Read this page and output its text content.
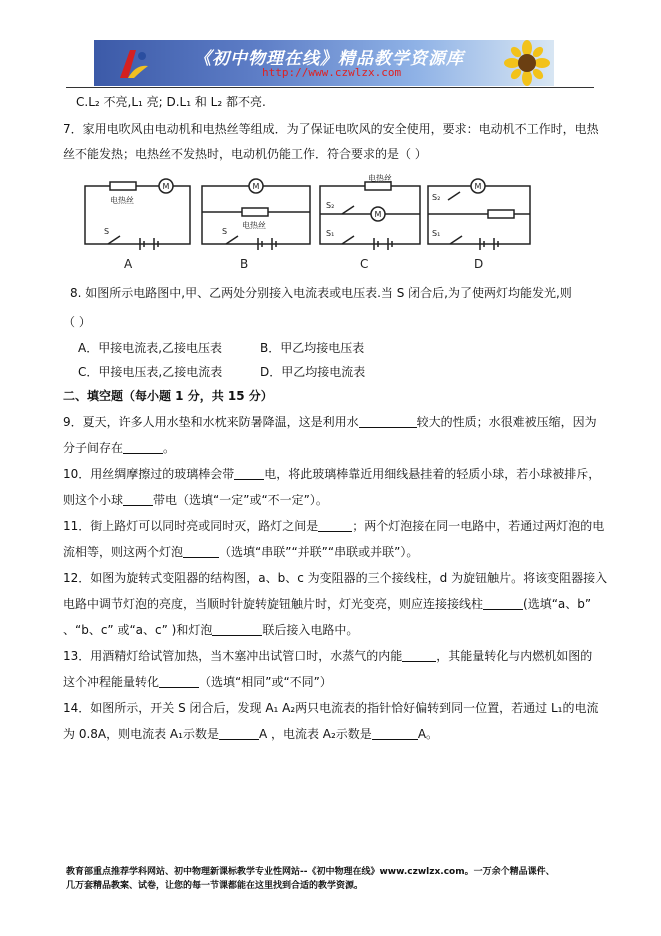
《初中物理在线》精品教学资源库
http://www.czwlzx.com
C.L₂ 不亮,L₁ 亮; D.L₁ 和 L₂ 都不亮.
7．家用电吹风由电动机和电热丝等组成．为了保证电吹风的安全使用，要求：电动机不工作时，电热
丝不能发热；电热丝不发热时，电动机仍能工作．符合要求的是（ ）
M
电热丝
S
M
电热丝
S
电热丝
M
S₂
S₁
M
S₂
S₁
A	B	C	D
8. 如图所示电路图中,甲、乙两处分别接入电流表或电压表.当 S 闭合后,为了使两灯均能发光,则
（ ）
A．甲接电流表,乙接电压表	B．甲乙均接电压表
C．甲接电压表,乙接电流表	D．甲乙均接电流表
二、填空题（每小题 1 分，共 15 分）
9．夏天，许多人用水垫和水枕来防暑降温，这是利用水	较大的性质；水很难被压缩，因为
分子间存在	。
10．用丝绸摩擦过的玻璃棒会带	电，将此玻璃棒靠近用细线悬挂着的轻质小球，若小球被排斥，
则这个小球	带电（选填“一定”或“不一定”）。
11．街上路灯可以同时亮或同时灭，路灯之间是	；两个灯泡接在同一电路中，若通过两灯泡的电
流相等，则这两个灯泡	（选填“串联”“并联”“串联或并联”）。
12．如图为旋转式变阻器的结构图，a、b、c 为变阻器的三个接线柱，d 为旋钮触片。将该变阻器接入
电路中调节灯泡的亮度，当顺时针旋转旋钮触片时，灯光变亮，则应连接接线柱	(选填“a、b”
、“b、c” 或“a、c” )和灯泡	联后接入电路中。
13．用酒精灯给试管加热，当木塞冲出试管口时，水蒸气的内能	，其能量转化与内燃机如图的
这个冲程能量转化	（选填“相同”或“不同”）
14．如图所示，开关 S 闭合后，发现 A₁ A₂两只电流表的指针恰好偏转到同一位置，若通过 L₁的电流
为 0.8A，则电流表 A₁示数是	A ，电流表 A₂示数是	A。
教育部重点推荐学科网站、初中物理新课标教学专业性网站--《初中物理在线》www.czwlzx.com。一万余个精品课件、
几万套精品教案、试卷，让您的每一节课都能在这里找到合适的教学资源。
